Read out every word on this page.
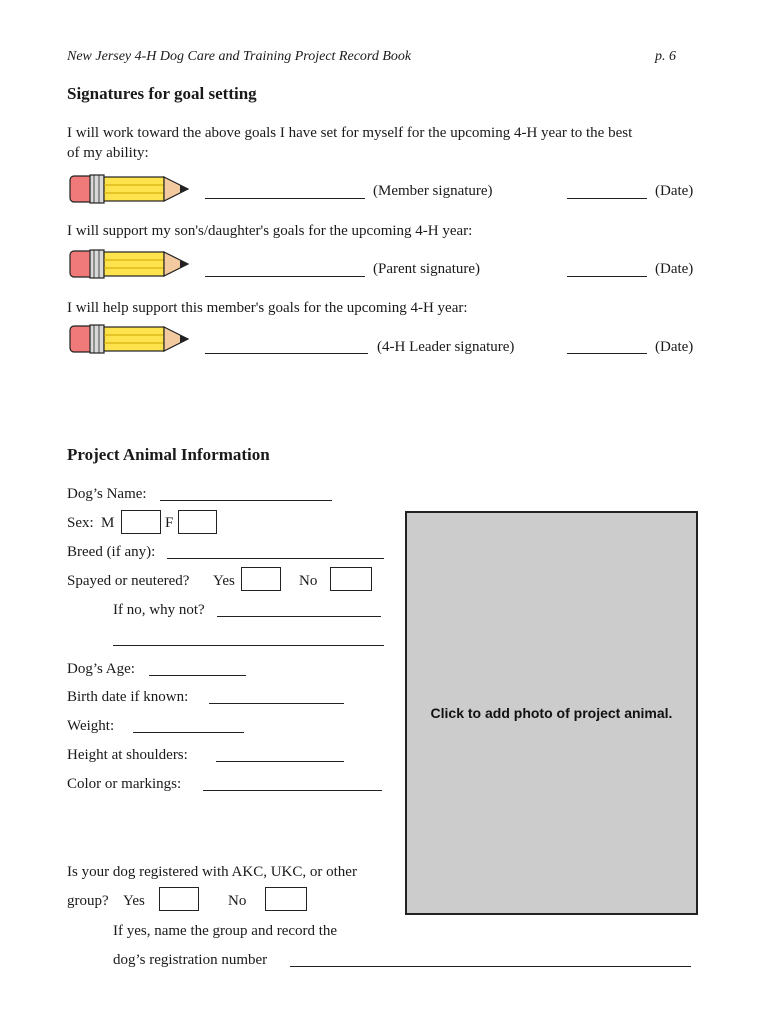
New Jersey 4-H Dog Care and Training Project Record Book	p. 6
Signatures for goal setting
I will work toward the above goals I have set for myself for the upcoming 4-H year to the best
of my ability:
(Member signature)	(Date)
I will support my son's/daughter's goals for the upcoming 4-H year:
(Parent signature)	(Date)
I will help support this member's goals for the upcoming 4-H year:
(4-H Leader signature)	(Date)
Project Animal Information
Dog’s Name:
Sex: M	F
Breed (if any):
Spayed or neutered? Yes	No
If no, why not?
Dog’s Age:
Birth date if known:
Weight:
Height at shoulders:
Color or markings:
Is your dog registered with AKC, UKC, or other
group? Yes	No
If yes, name the group and record the
dog’s registration number
Click to add photo of project animal.
